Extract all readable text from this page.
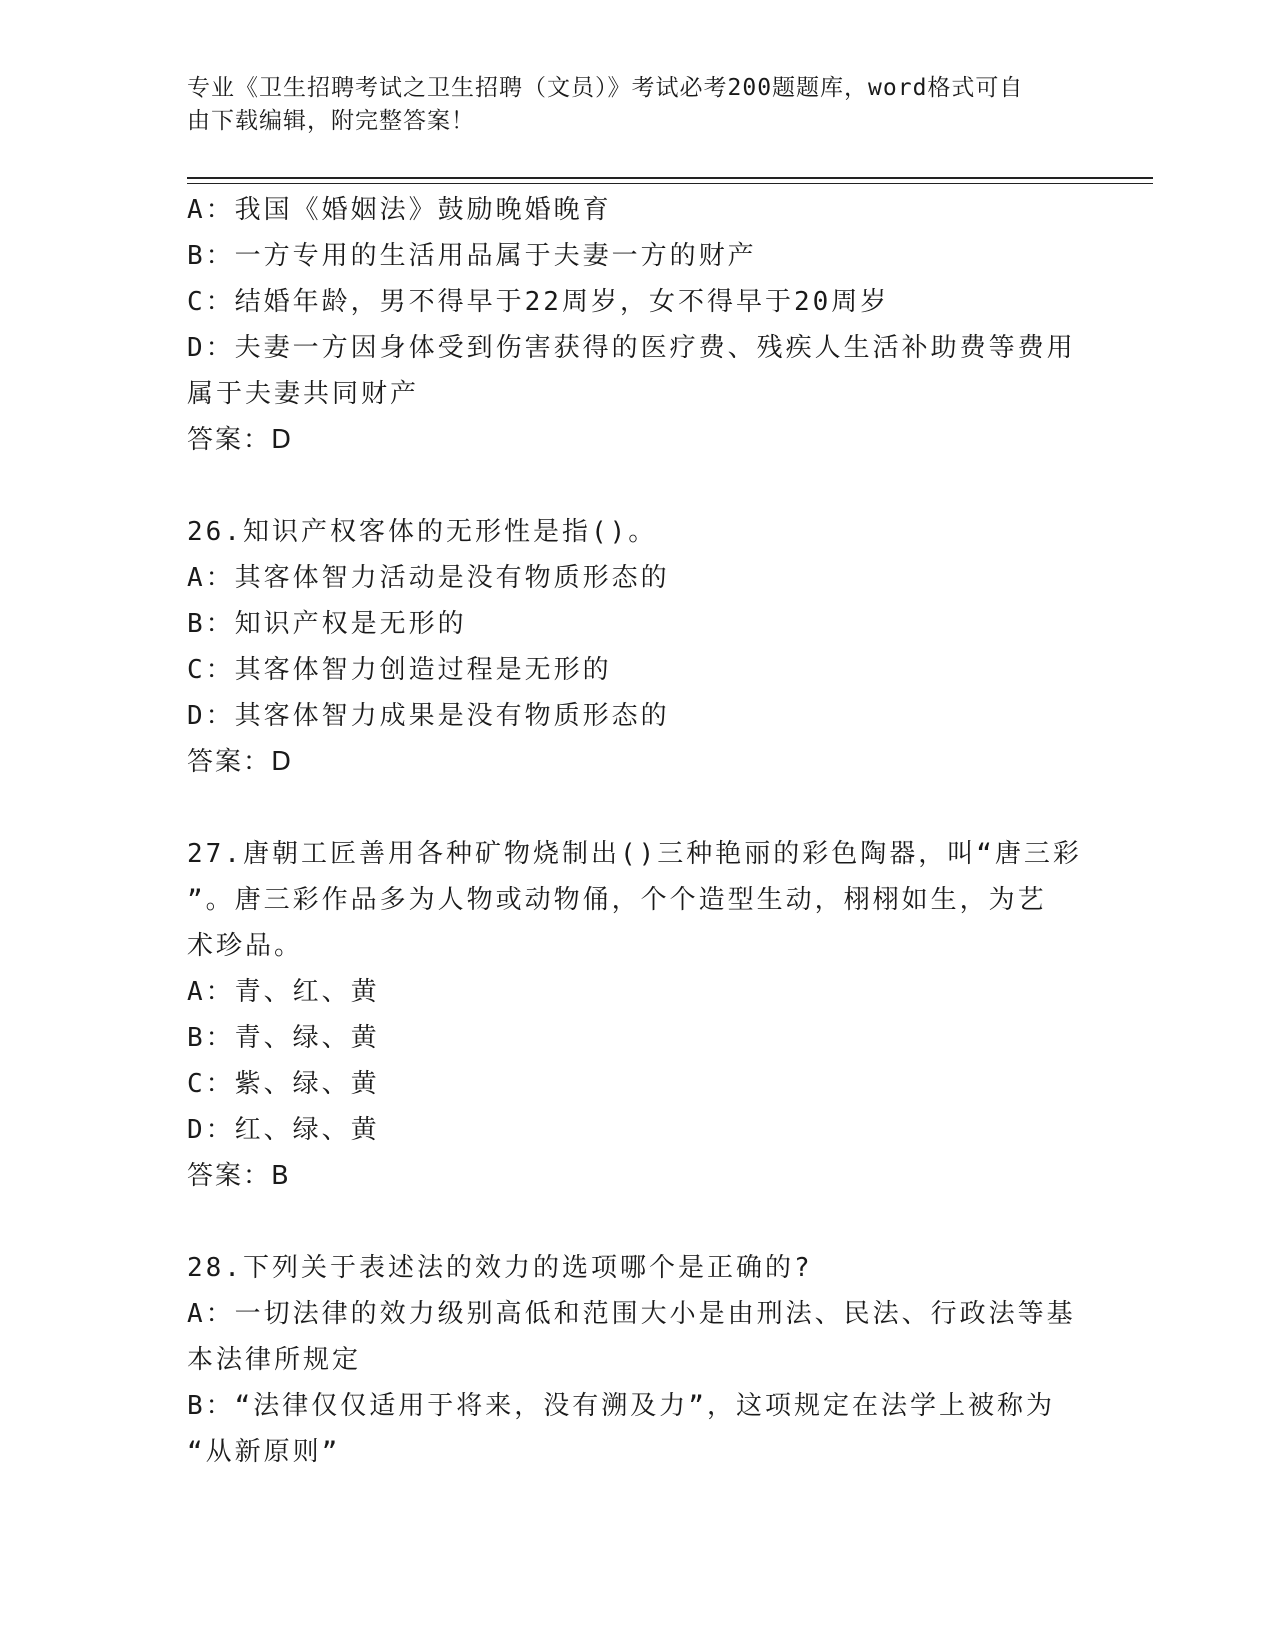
专业《卫生招聘考试之卫生招聘（文员）》考试必考200题题库，word格式可自
由下载编辑，附完整答案！
A：我国《婚姻法》鼓励晚婚晚育
B：一方专用的生活用品属于夫妻一方的财产
C：结婚年龄，男不得早于22周岁，女不得早于20周岁
D：夫妻一方因身体受到伤害获得的医疗费、残疾人生活补助费等费用
属于夫妻共同财产
答案：D
26.知识产权客体的无形性是指()。
A：其客体智力活动是没有物质形态的
B：知识产权是无形的
C：其客体智力创造过程是无形的
D：其客体智力成果是没有物质形态的
答案：D
27.唐朝工匠善用各种矿物烧制出()三种艳丽的彩色陶器，叫“唐三彩
”。唐三彩作品多为人物或动物俑，个个造型生动，栩栩如生，为艺
术珍品。
A：青、红、黄
B：青、绿、黄
C：紫、绿、黄
D：红、绿、黄
答案：B
28.下列关于表述法的效力的选项哪个是正确的?
A：一切法律的效力级别高低和范围大小是由刑法、民法、行政法等基
本法律所规定
B：“法律仅仅适用于将来，没有溯及力”，这项规定在法学上被称为
“从新原则”
